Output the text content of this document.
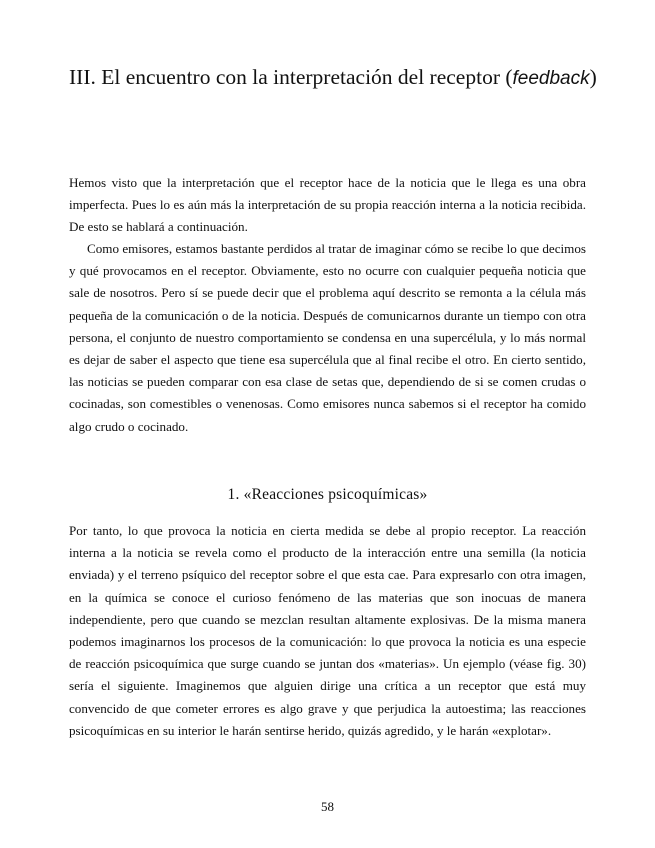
III. El encuentro con la interpretación del receptor (feedback)

Hemos visto que la interpretación que el receptor hace de la noticia que le llega es una obra imperfecta. Pues lo es aún más la interpretación de su propia reacción interna a la noticia recibida. De esto se hablará a continuación.

Como emisores, estamos bastante perdidos al tratar de imaginar cómo se recibe lo que decimos y qué provocamos en el receptor. Obviamente, esto no ocurre con cualquier pequeña noticia que sale de nosotros. Pero sí se puede decir que el problema aquí descrito se remonta a la célula más pequeña de la comunicación o de la noticia. Después de comunicarnos durante un tiempo con otra persona, el conjunto de nuestro comportamiento se condensa en una supercélula, y lo más normal es dejar de saber el aspecto que tiene esa supercélula que al final recibe el otro. En cierto sentido, las noticias se pueden comparar con esa clase de setas que, dependiendo de si se comen crudas o cocinadas, son comestibles o venenosas. Como emisores nunca sabemos si el receptor ha comido algo crudo o cocinado.

1. «Reacciones psicoquímicas»

Por tanto, lo que provoca la noticia en cierta medida se debe al propio receptor. La reacción interna a la noticia se revela como el producto de la interacción entre una semilla (la noticia enviada) y el terreno psíquico del receptor sobre el que esta cae. Para expresarlo con otra imagen, en la química se conoce el curioso fenómeno de las materias que son inocuas de manera independiente, pero que cuando se mezclan resultan altamente explosivas. De la misma manera podemos imaginarnos los procesos de la comunicación: lo que provoca la noticia es una especie de reacción psicoquímica que surge cuando se juntan dos «materias». Un ejemplo (véase fig. 30) sería el siguiente. Imaginemos que alguien dirige una crítica a un receptor que está muy convencido de que cometer errores es algo grave y que perjudica la autoestima; las reacciones psicoquímicas en su interior le harán sentirse herido, quizás agredido, y le harán «explotar».

58
